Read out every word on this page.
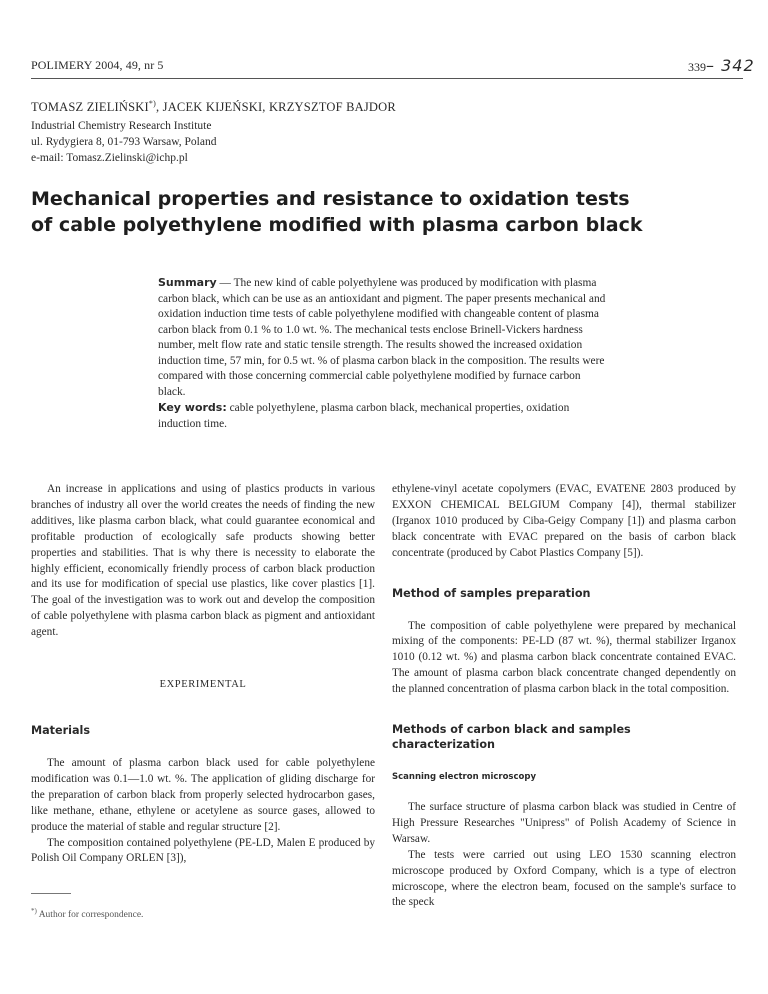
POLIMERY 2004, 49, nr 5	339– 342
TOMASZ ZIELIŃSKI*), JACEK KIJEŃSKI, KRZYSZTOF BAJDOR
Industrial Chemistry Research Institute
ul. Rydygiera 8, 01-793 Warsaw, Poland
e-mail: Tomasz.Zielinski@ichp.pl
Mechanical properties and resistance to oxidation tests of cable polyethylene modified with plasma carbon black
Summary — The new kind of cable polyethylene was produced by modification with plasma carbon black, which can be use as an antioxidant and pigment. The paper presents mechanical and oxidation induction time tests of cable polyethylene modified with changeable content of plasma carbon black from 0.1 % to 1.0 wt. %. The mechanical tests enclose Brinell-Vickers hardness number, melt flow rate and static tensile strength. The results showed the increased oxidation induction time, 57 min, for 0.5 wt. % of plasma carbon black in the composition. The results were compared with those concerning commercial cable polyethylene modified by furnace carbon black.
Key words: cable polyethylene, plasma carbon black, mechanical properties, oxidation induction time.

An increase in applications and using of plastics products in various branches of industry all over the world creates the needs of finding the new additives, like plasma carbon black, what could guarantee economical and profitable production of ecologically safe products showing better properties and stabilities. That is why there is necessity to elaborate the highly efficient, economically friendly process of carbon black production and its use for modification of special use plastics, like cover plastics [1]. The goal of the investigation was to work out and develop the composition of cable polyethylene with plasma carbon black as pigment and antioxidant agent.

EXPERIMENTAL
Materials

The amount of plasma carbon black used for cable polyethylene modification was 0.1—1.0 wt. %. The application of gliding discharge for the preparation of carbon black from properly selected hydrocarbon gases, like methane, ethane, ethylene or acetylene as source gases, allowed to produce the material of stable and regular structure [2].

The composition contained polyethylene (PE-LD, Malen E produced by Polish Oil Company ORLEN [3]),

*) Author for correspondence.

ethylene-vinyl acetate copolymers (EVAC, EVATENE 2803 produced by EXXON CHEMICAL BELGIUM Company [4]), thermal stabilizer (Irganox 1010 produced by Ciba-Geigy Company [1]) and plasma carbon black concentrate with EVAC prepared on the basis of carbon black concentrate (produced by Cabot Plastics Company [5]).

Method of samples preparation

The composition of cable polyethylene were prepared by mechanical mixing of the components: PE-LD (87 wt. %), thermal stabilizer Irganox 1010 (0.12 wt. %) and plasma carbon black concentrate contained EVAC. The amount of plasma carbon black concentrate changed dependently on the planned concentration of plasma carbon black in the total composition.

Methods of carbon black and samples characterization
Scanning electron microscopy

The surface structure of plasma carbon black was studied in Centre of High Pressure Researches "Unipress" of Polish Academy of Science in Warsaw.

The tests were carried out using LEO 1530 scanning electron microscope produced by Oxford Company, which is a type of electron microscope, where the electron beam, focused on the sample's surface to the speck
